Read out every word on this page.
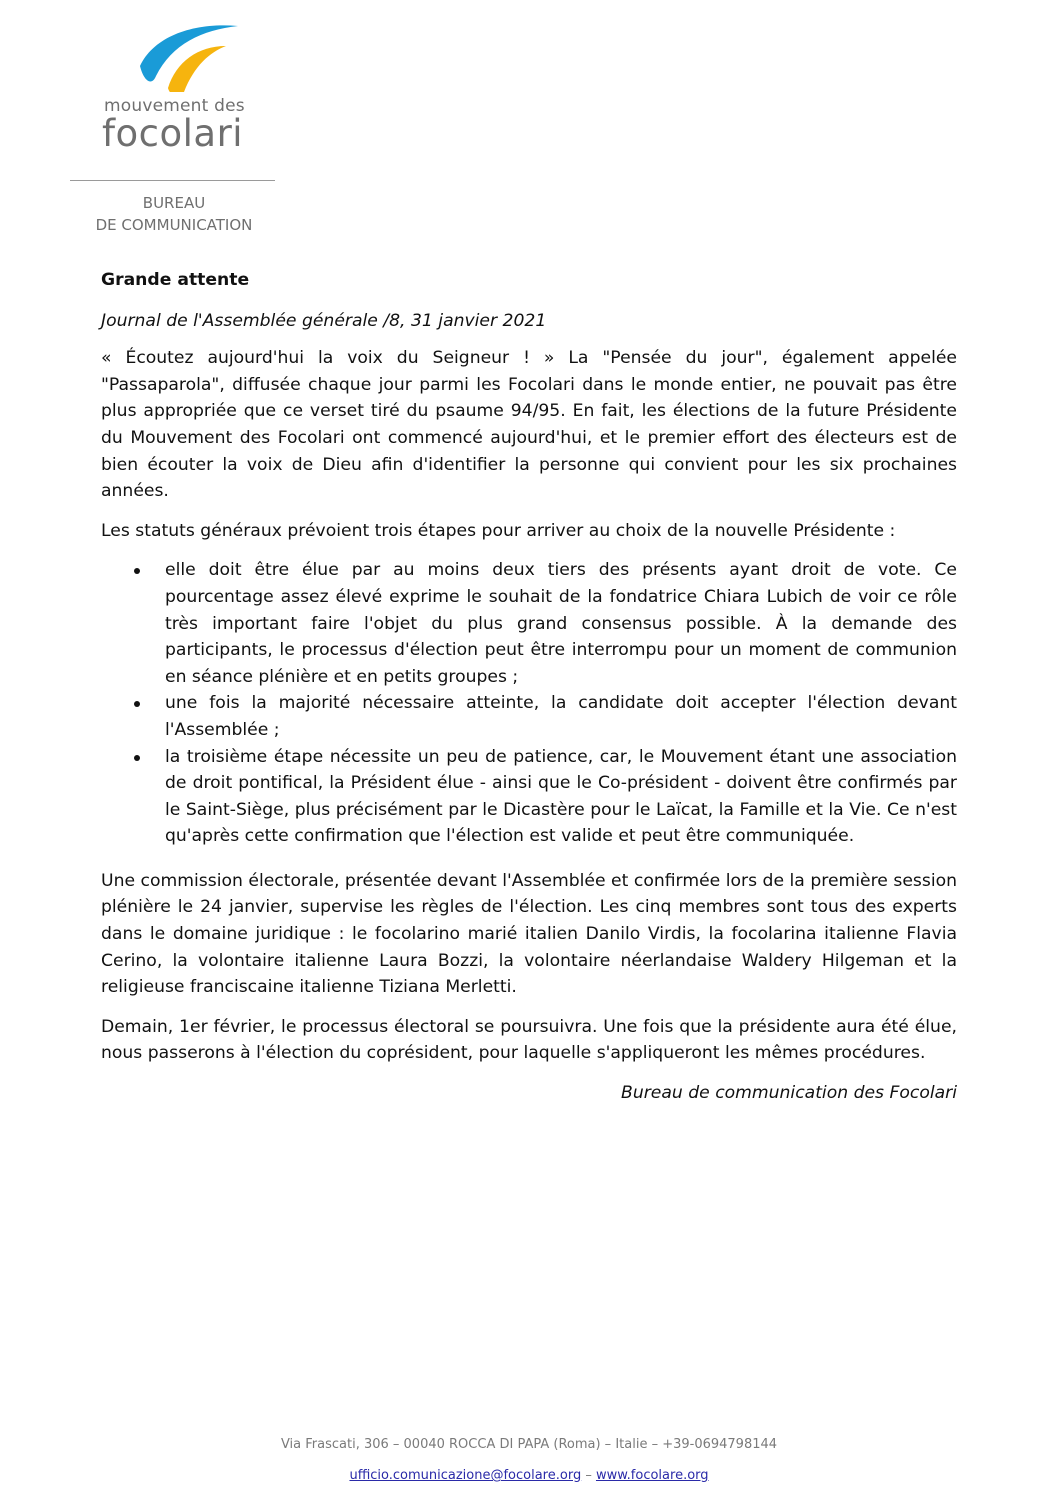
mouvement des
focolari
BUREAU
DE COMMUNICATION
Grande attente
Journal de l'Assemblée générale /8, 31 janvier 2021

« Écoutez aujourd'hui la voix du Seigneur ! » La "Pensée du jour", également appelée "Passaparola", diffusée chaque jour parmi les Focolari dans le monde entier, ne pouvait pas être plus appropriée que ce verset tiré du psaume 94/95. En fait, les élections de la future Présidente du Mouvement des Focolari ont commencé aujourd'hui, et le premier effort des électeurs est de bien écouter la voix de Dieu afin d'identifier la personne qui convient pour les six prochaines années.

Les statuts généraux prévoient trois étapes pour arriver au choix de la nouvelle Présidente :

elle doit être élue par au moins deux tiers des présents ayant droit de vote. Ce pourcentage assez élevé exprime le souhait de la fondatrice Chiara Lubich de voir ce rôle très important faire l'objet du plus grand consensus possible. À la demande des participants, le processus d'élection peut être interrompu pour un moment de communion en séance plénière et en petits groupes ;
une fois la majorité nécessaire atteinte, la candidate doit accepter l'élection devant l'Assemblée ;
la troisième étape nécessite un peu de patience, car, le Mouvement étant une association de droit pontifical, la Président élue - ainsi que le Co-président - doivent être confirmés par le Saint-Siège, plus précisément par le Dicastère pour le Laïcat, la Famille et la Vie. Ce n'est qu'après cette confirmation que l'élection est valide et peut être communiquée.

Une commission électorale, présentée devant l'Assemblée et confirmée lors de la première session plénière le 24 janvier, supervise les règles de l'élection. Les cinq membres sont tous des experts dans le domaine juridique : le focolarino marié italien Danilo Virdis, la focolarina italienne Flavia Cerino, la volontaire italienne Laura Bozzi, la volontaire néerlandaise Waldery Hilgeman et la religieuse franciscaine italienne Tiziana Merletti.

Demain, 1er février, le processus électoral se poursuivra. Une fois que la présidente aura été élue, nous passerons à l'élection du coprésident, pour laquelle s'appliqueront les mêmes procédures.

Bureau de communication des Focolari

Via Frascati, 306 – 00040 ROCCA DI PAPA (Roma) – Italie – +39-0694798144
ufficio.comunicazione@focolare.org – www.focolare.org
